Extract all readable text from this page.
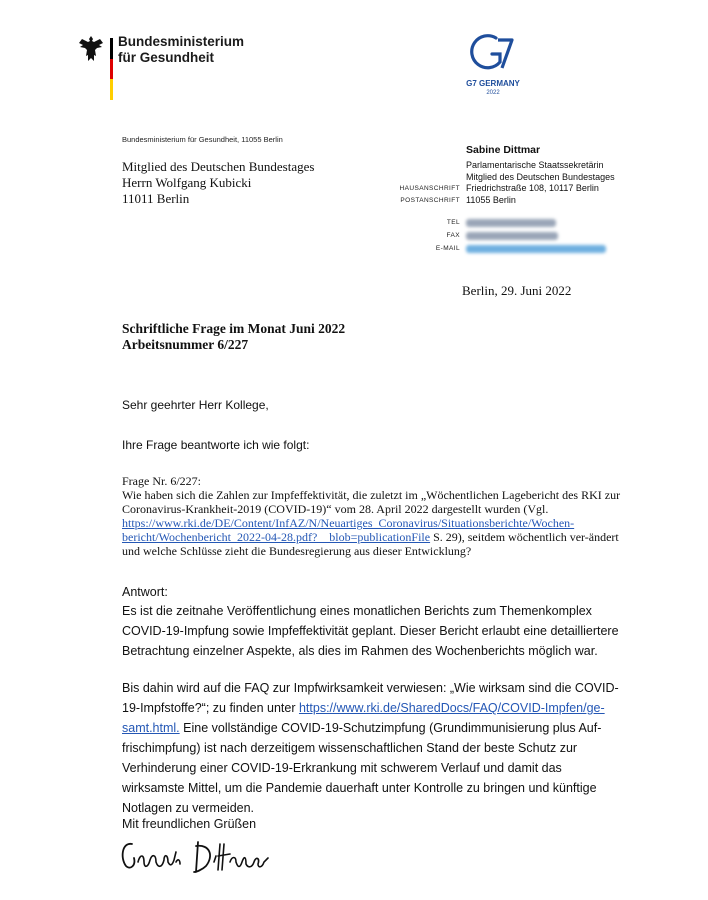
Bundesministerium
für Gesundheit
G7 GERMANY
2022
Bundesministerium für Gesundheit, 11055 Berlin
Mitglied des Deutschen Bundestages
Herrn Wolfgang Kubicki
11011 Berlin
Sabine Dittmar
Parlamentarische Staatssekretärin
Mitglied des Deutschen Bundestages
HAUSANSCHRIFT Friedrichstraße 108, 10117 Berlin
POSTANSCHRIFT 11055 Berlin
TEL
FAX
E-MAIL
Berlin, 29. Juni 2022
Schriftliche Frage im Monat Juni 2022
Arbeitsnummer 6/227
Sehr geehrter Herr Kollege,
Ihre Frage beantworte ich wie folgt:
Frage Nr. 6/227:
Wie haben sich die Zahlen zur Impfeffektivität, die zuletzt im „Wöchentlichen Lagebericht des RKI zur Coronavirus-Krankheit-2019 (COVID-19)“ vom 28. April 2022 dargestellt wurden (Vgl. https://www.rki.de/DE/Content/InfAZ/N/Neuartiges_Coronavirus/Situationsberichte/Wochen-bericht/Wochenbericht_2022-04-28.pdf?__blob=publicationFile S. 29), seitdem wöchentlich ver-ändert und welche Schlüsse zieht die Bundesregierung aus dieser Entwicklung?
Antwort:
Es ist die zeitnahe Veröffentlichung eines monatlichen Berichts zum Themenkomplex COVID-19-Impfung sowie Impfeffektivität geplant. Dieser Bericht erlaubt eine detailliertere Betrachtung einzelner Aspekte, als dies im Rahmen des Wochenberichts möglich war.
Bis dahin wird auf die FAQ zur Impfwirksamkeit verwiesen: „Wie wirksam sind die COVID-19-Impfstoffe?“; zu finden unter https://www.rki.de/SharedDocs/FAQ/COVID-Impfen/ge-samt.html. Eine vollständige COVID-19-Schutzimpfung (Grundimmunisierung plus Auf-frischimpfung) ist nach derzeitigem wissenschaftlichen Stand der beste Schutz zur Verhinderung einer COVID-19-Erkrankung mit schwerem Verlauf und damit das wirksamste Mittel, um die Pandemie dauerhaft unter Kontrolle zu bringen und künftige Notlagen zu vermeiden.
Mit freundlichen Grüßen
